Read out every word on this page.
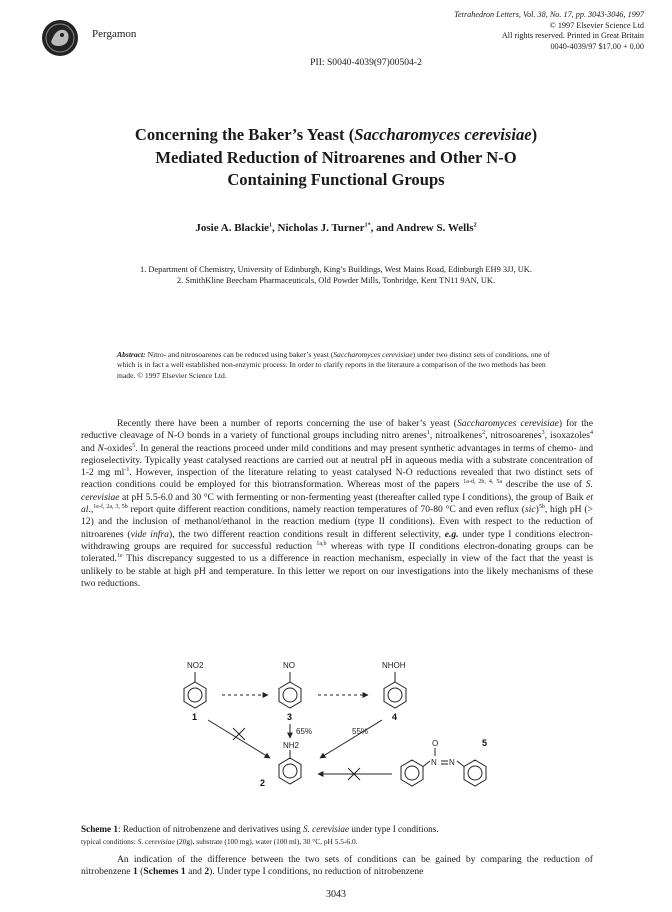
Pergamon
Tetrahedron Letters, Vol. 38, No. 17, pp. 3043-3046, 1997
© 1997 Elsevier Science Ltd
All rights reserved. Printed in Great Britain
0040-4039/97 $17.00 + 0.00
PII: S0040-4039(97)00504-2
Concerning the Baker’s Yeast (Saccharomyces cerevisiae)
Mediated Reduction of Nitroarenes and Other N-O
Containing Functional Groups
Josie A. Blackie$^1$, Nicholas J. Turner$^{1*}$, and Andrew S. Wells$^2$
1. Department of Chemistry, University of Edinburgh, King’s Buildings, West Mains Road, Edinburgh EH9 3JJ, UK.
2. SmithKline Beecham Pharmaceuticals, Old Powder Mills, Tonbridge, Kent TN11 9AN, UK.
Abstract: Nitro- and nitrosoarenes can be reduced using baker’s yeast (Saccharomyces cerevisiae) under two distinct sets of conditions, one of which is in fact a well established non-enzymic process. In order to clarify reports in the literature a comparison of the two methods has been made. © 1997 Elsevier Science Ltd.
Recently there have been a number of reports concerning the use of baker’s yeast (Saccharomyces cerevisiae) for the reductive cleavage of N-O bonds in a variety of functional groups including nitro arenes$^1$, nitroalkenes$^2$, nitrosoarenes$^3$, isoxazoles$^4$ and N-oxides$^5$. In general the reactions proceed under mild conditions and may present synthetic advantages in terms of chemo- and regioselectivity. Typically yeast catalysed reactions are carried out at neutral pH in aqueous media with a substrate concentration of 1-2 mg $ml^{-1}$. However, inspection of the literature relating to yeast catalysed N-O reductions revealed that two distinct sets of reaction conditions could be employed for this biotransformation. Whereas most of the papers $^{1a-d, 2b, 4, 5a}$ describe the use of S. cerevisiae at pH 5.5-6.0 and 30 °C with fermenting or non-fermenting yeast (thereafter called type I conditions), the group of Baik et al.,$^{1e-f, 2a, 3, 5b}$ report quite different reaction conditions, namely reaction temperatures of 70-80 °C and even reflux (sic)$^{5b}$, high pH (> 12) and the inclusion of methanol/ethanol in the reaction medium (type II conditions). Even with respect to the reduction of nitroarenes (vide infra), the two different reaction conditions result in different selectivity, e.g. under type I conditions electron-withdrawing groups are required for successful reduction $^{1a,b}$ whereas with type II conditions electron-donating groups can be tolerated.$^{1e}$ This discrepancy suggested to us a difference in reaction mechanism, especially in view of the fact that the yeast is unlikely to be stable at high pH and temperature. In this letter we report on our investigations into the likely mechanisms of these two reductions.
NO2	NO	NHOH
NH2	O
N N
65%	55%
1	3	4
2
5
Scheme 1: Reduction of nitrobenzene and derivatives using S. cerevisiae under type I conditions.
typical conditions: S. cerevisiae (20g), substrate (100 mg), water (100 ml), 30 °C, pH 5.5-6.0.
An indication of the difference between the two sets of conditions can be gained by comparing the reduction of nitrobenzene 1 (Schemes 1 and 2). Under type I conditions, no reduction of nitrobenzene
3043
